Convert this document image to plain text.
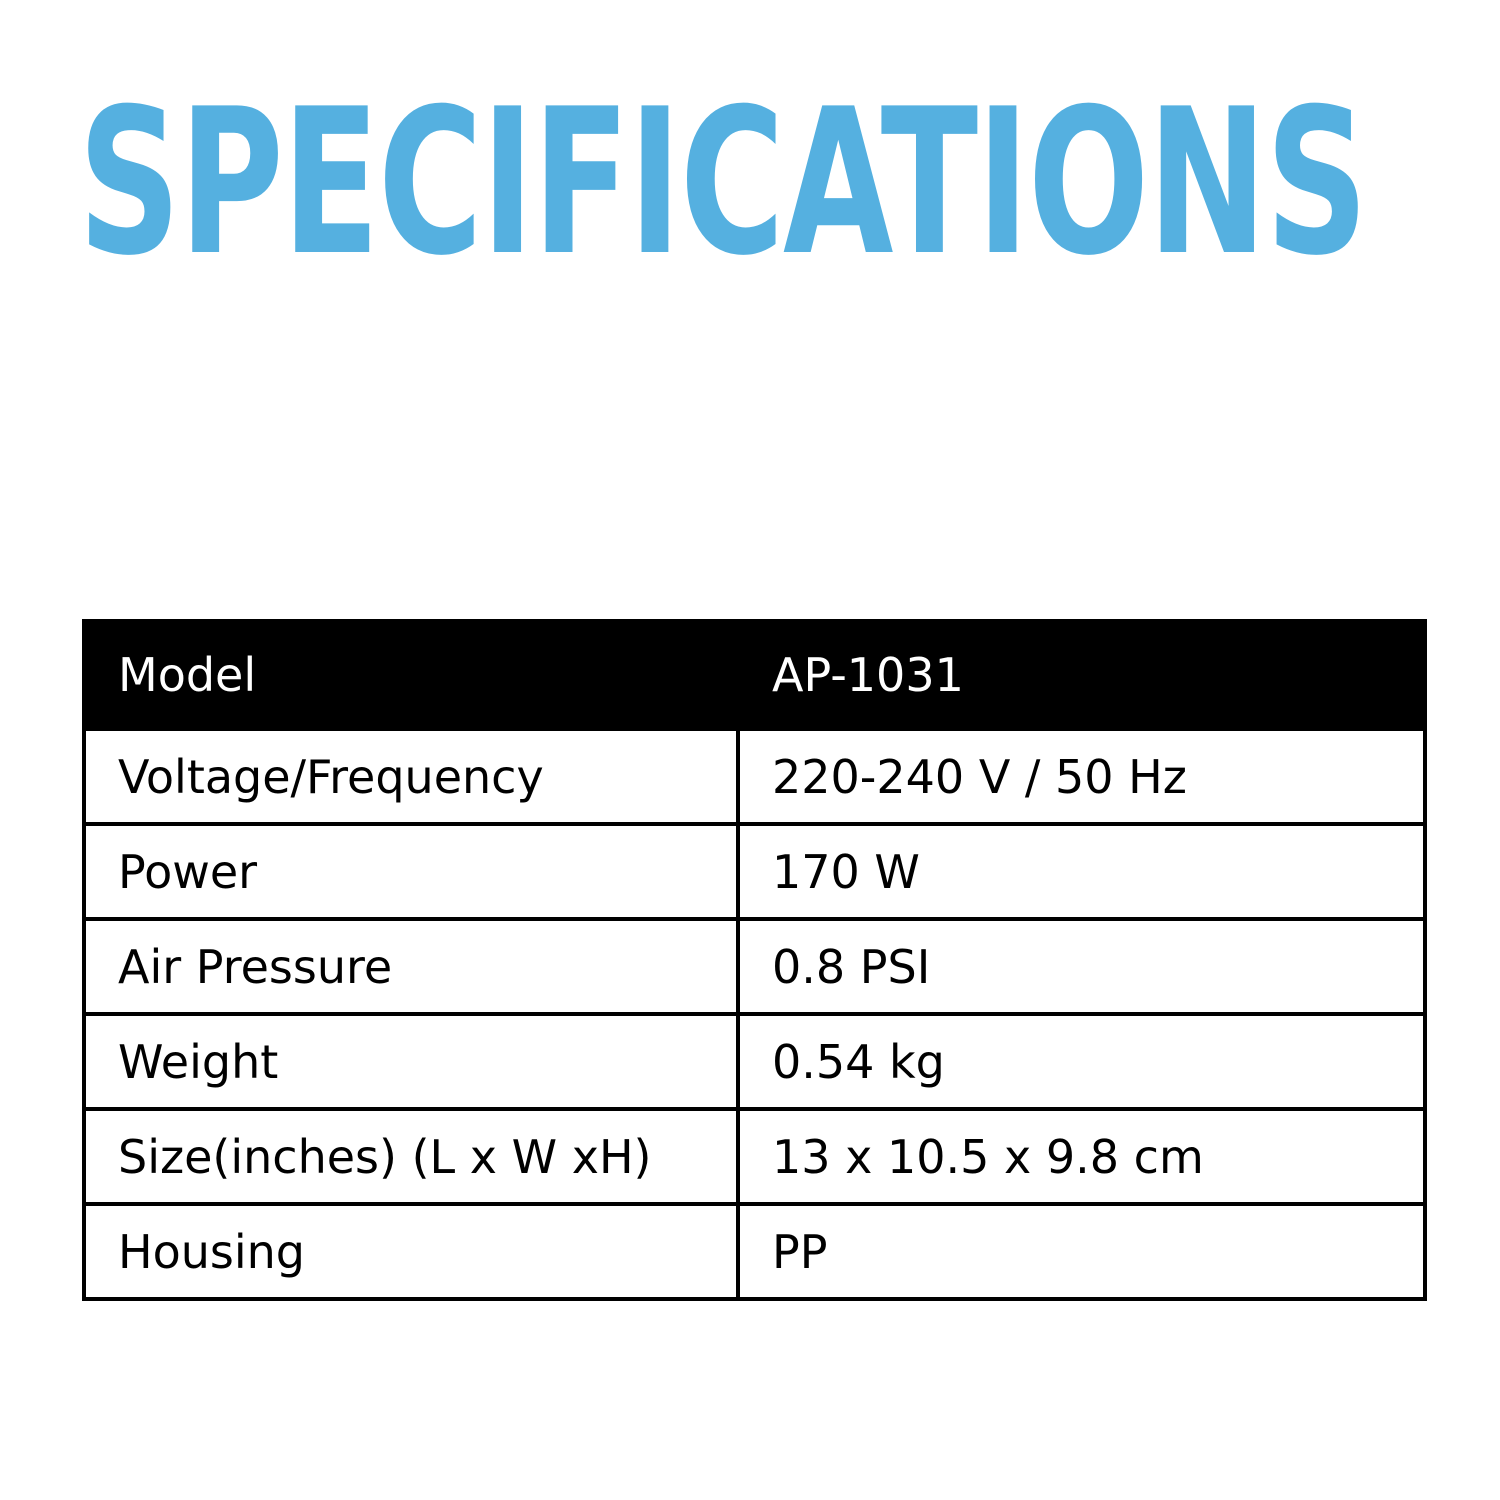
SPECIFICATIONS
Model	AP-1031
Voltage/Frequency	220-240 V / 50 Hz
Power	170 W
Air Pressure	0.8 PSI
Weight	0.54 kg
Size(inches) (L x W xH)	13 x 10.5 x 9.8 cm
Housing	PP
